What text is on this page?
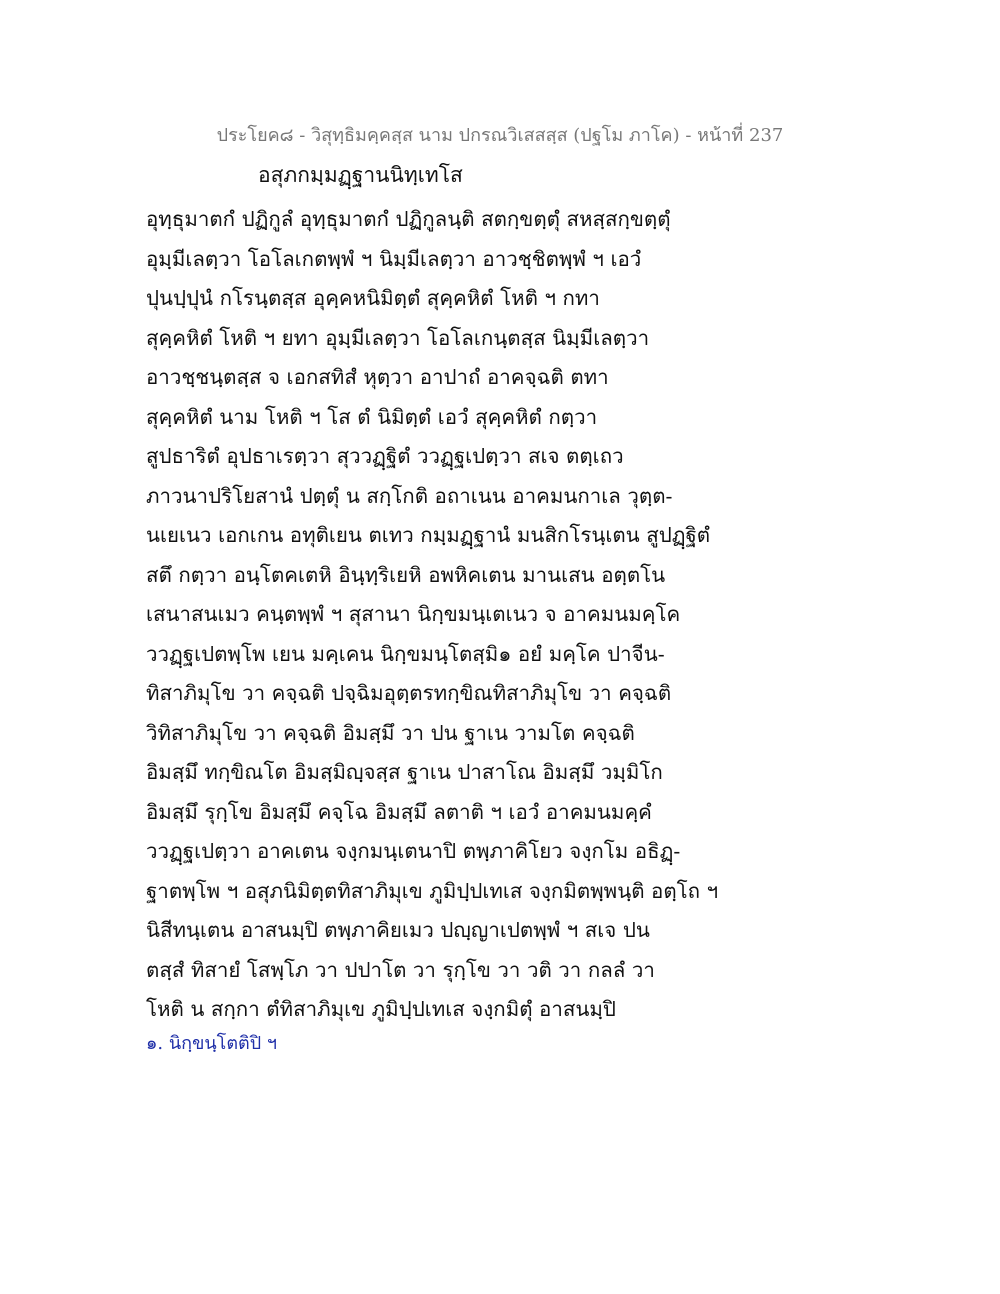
ประโยค๘ - วิสุทฺธิมคฺคสฺส นาม ปกรณวิเสสสฺส (ปฐโม ภาโค) - หน้าที่ 237
อสุภกมฺมฏฺฐานนิทฺเทโส
อุทฺธุมาตกํ ปฏิกูลํ อุทฺธุมาตกํ ปฏิกูลนฺติ สตกฺขตฺตุํ สหสฺสกฺขตฺตุํ
อุมฺมีเลตฺวา โอโลเกตพฺพํ ฯ นิมฺมีเลตฺวา อาวชฺชิตพฺพํ ฯ เอวํ
ปุนปฺปุนํ กโรนฺตสฺส อุคฺคหนิมิตฺตํ สุคฺคหิตํ โหติ ฯ กทา
สุคฺคหิตํ โหติ ฯ ยทา อุมฺมีเลตฺวา โอโลเกนฺตสฺส นิมฺมีเลตฺวา
อาวชฺชนฺตสฺส จ เอกสทิสํ หุตฺวา อาปาถํ อาคจฺฉติ ตทา
สุคฺคหิตํ นาม โหติ ฯ โส ตํ นิมิตฺตํ เอวํ สุคฺคหิตํ กตฺวา
สูปธาริตํ อุปธาเรตฺวา สุววฏฺฐิตํ ววฏฺฐเปตฺวา สเจ ตตฺเถว
ภาวนาปริโยสานํ ปตฺตุํ น สกฺโกติ อถาเนน อาคมนกาเล วุตฺต-
นเยเนว เอกเกน อทุติเยน ตเทว กมฺมฏฺฐานํ มนสิกโรนฺเตน สูปฏฺฐิตํ
สตึ กตฺวา อนฺโตคเตหิ อินฺทฺริเยหิ อพหิคเตน มานเสน อตฺตโน
เสนาสนเมว คนฺตพฺพํ ฯ สุสานา นิกฺขมนฺเตเนว จ อาคมนมคฺโค
ววฏฺฐเปตพฺโพ เยน มคฺเคน นิกฺขมนฺโตสฺมิ๑ อยํ มคฺโค ปาจีน-
ทิสาภิมุโข วา คจฺฉติ ปจฺฉิมอุตฺตรทกฺขิณทิสาภิมุโข วา คจฺฉติ
วิทิสาภิมุโข วา คจฺฉติ อิมสฺมึ วา ปน ฐาเน วามโต คจฺฉติ
อิมสฺมึ ทกฺขิณโต อิมสฺมิญฺจสฺส ฐาเน ปาสาโณ อิมสฺมึ วมฺมิโก
อิมสฺมึ รุกฺโข อิมสฺมึ คจฺโฉ อิมสฺมึ ลตาติ ฯ เอวํ อาคมนมคฺคํ
ววฏฺฐเปตฺวา อาคเตน จงฺกมนฺเตนาปิ ตพฺภาคิโยว จงฺกโม อธิฏฺ-
ฐาตพฺโพ ฯ อสุภนิมิตฺตทิสาภิมุเข ภูมิปฺปเทเส จงฺกมิตพฺพนฺติ อตฺโถ ฯ
นิสีทนฺเตน อาสนมฺปิ ตพฺภาคิยเมว ปญฺญาเปตพฺพํ ฯ สเจ ปน
ตสฺสํ ทิสายํ โสพฺโภ วา ปปาโต วา รุกฺโข วา วติ วา กลลํ วา
โหติ น สกฺกา ตํทิสาภิมุเข ภูมิปฺปเทเส จงฺกมิตุํ อาสนมฺปิ
๑. นิกฺขนฺโตติปิ ฯ
